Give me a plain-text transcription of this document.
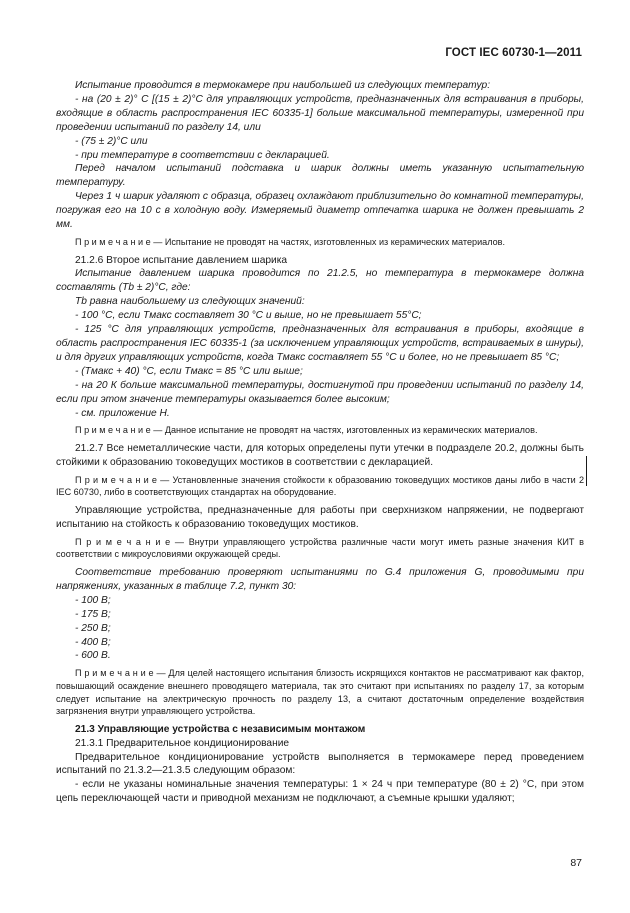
ГОСТ IEC 60730-1—2011

Испытание проводится в термокамере при наибольшей из следующих температур:

- на (20 ± 2)° С [(15 ± 2)°С для управляющих устройств, предназначенных для встраивания в приборы, входящие в область распространения IEC 60335-1] больше максимальной температуры, измеренной при проведении испытаний по разделу 14, или

- (75 ± 2)°С или

- при температуре в соответствии с декларацией.

Перед началом испытаний подставка и шарик должны иметь указанную испытательную температуру.

Через 1 ч шарик удаляют с образца, образец охлаждают приблизительно до комнатной температуры, погружая его на 10 с в холодную воду. Измеряемый диаметр отпечатка шарика не должен превышать 2 мм.

П р и м е ч а н и е — Испытание не проводят на частях, изготовленных из керамических материалов.

21.2.6 Второе испытание давлением шарика

Испытание давлением шарика проводится по 21.2.5, но температура в термокамере должна составлять (Tb ± 2)°С, где:

Tb равна наибольшему из следующих значений:

- 100 °С, если Tмакс составляет 30 °С и выше, но не превышает 55°С;

- 125 °С для управляющих устройств, предназначенных для встраивания в приборы, входящие в область распространения IEC 60335-1 (за исключением управляющих устройств, встраиваемых в шнуры), и для других управляющих устройств, когда Tмакс составляет 55 °С и более, но не превышает 85 °С;

- (Tмакс + 40) °С, если Tмакс = 85 °С или выше;

- на 20 К больше максимальной температуры, достигнутой при проведении испытаний по разделу 14, если при этом значение температуры оказывается более высоким;

- см. приложение Н.

П р и м е ч а н и е — Данное испытание не проводят на частях, изготовленных из керамических материалов.

21.2.7 Все неметаллические части, для которых определены пути утечки в подразделе 20.2, должны быть стойкими к образованию токоведущих мостиков в соответствии с декларацией.

П р и м е ч а н и е — Установленные значения стойкости к образованию токоведущих мостиков даны либо в части 2 IEC 60730, либо в соответствующих стандартах на оборудование.

Управляющие устройства, предназначенные для работы при сверхнизком напряжении, не подвергают испытанию на стойкость к образованию токоведущих мостиков.

П р и м е ч а н и е — Внутри управляющего устройства различные части могут иметь разные значения КИТ в соответствии с микроусловиями окружающей среды.

Соответствие требованию проверяют испытаниями по G.4 приложения G, проводимыми при напряжениях, указанных в таблице 7.2, пункт 30:

- 100 В;

- 175 В;

- 250 В;

- 400 В;

- 600 В.

П р и м е ч а н и е — Для целей настоящего испытания близость искрящихся контактов не рассматривают как фактор, повышающий осаждение внешнего проводящего материала, так это считают при испытаниях по разделу 17, за которым следует испытание на электрическую прочность по разделу 13, а считают достаточным определение воздействия загрязнения внутри управляющего устройства.

21.3 Управляющие устройства с независимым монтажом

21.3.1 Предварительное кондиционирование

Предварительное кондиционирование устройств выполняется в термокамере перед проведением испытаний по 21.3.2—21.3.5 следующим образом:

- если не указаны номинальные значения температуры: 1 × 24 ч при температуре (80 ± 2) °С, при этом цепь переключающей части и приводной механизм не подключают, а съемные крышки удаляют;

87
